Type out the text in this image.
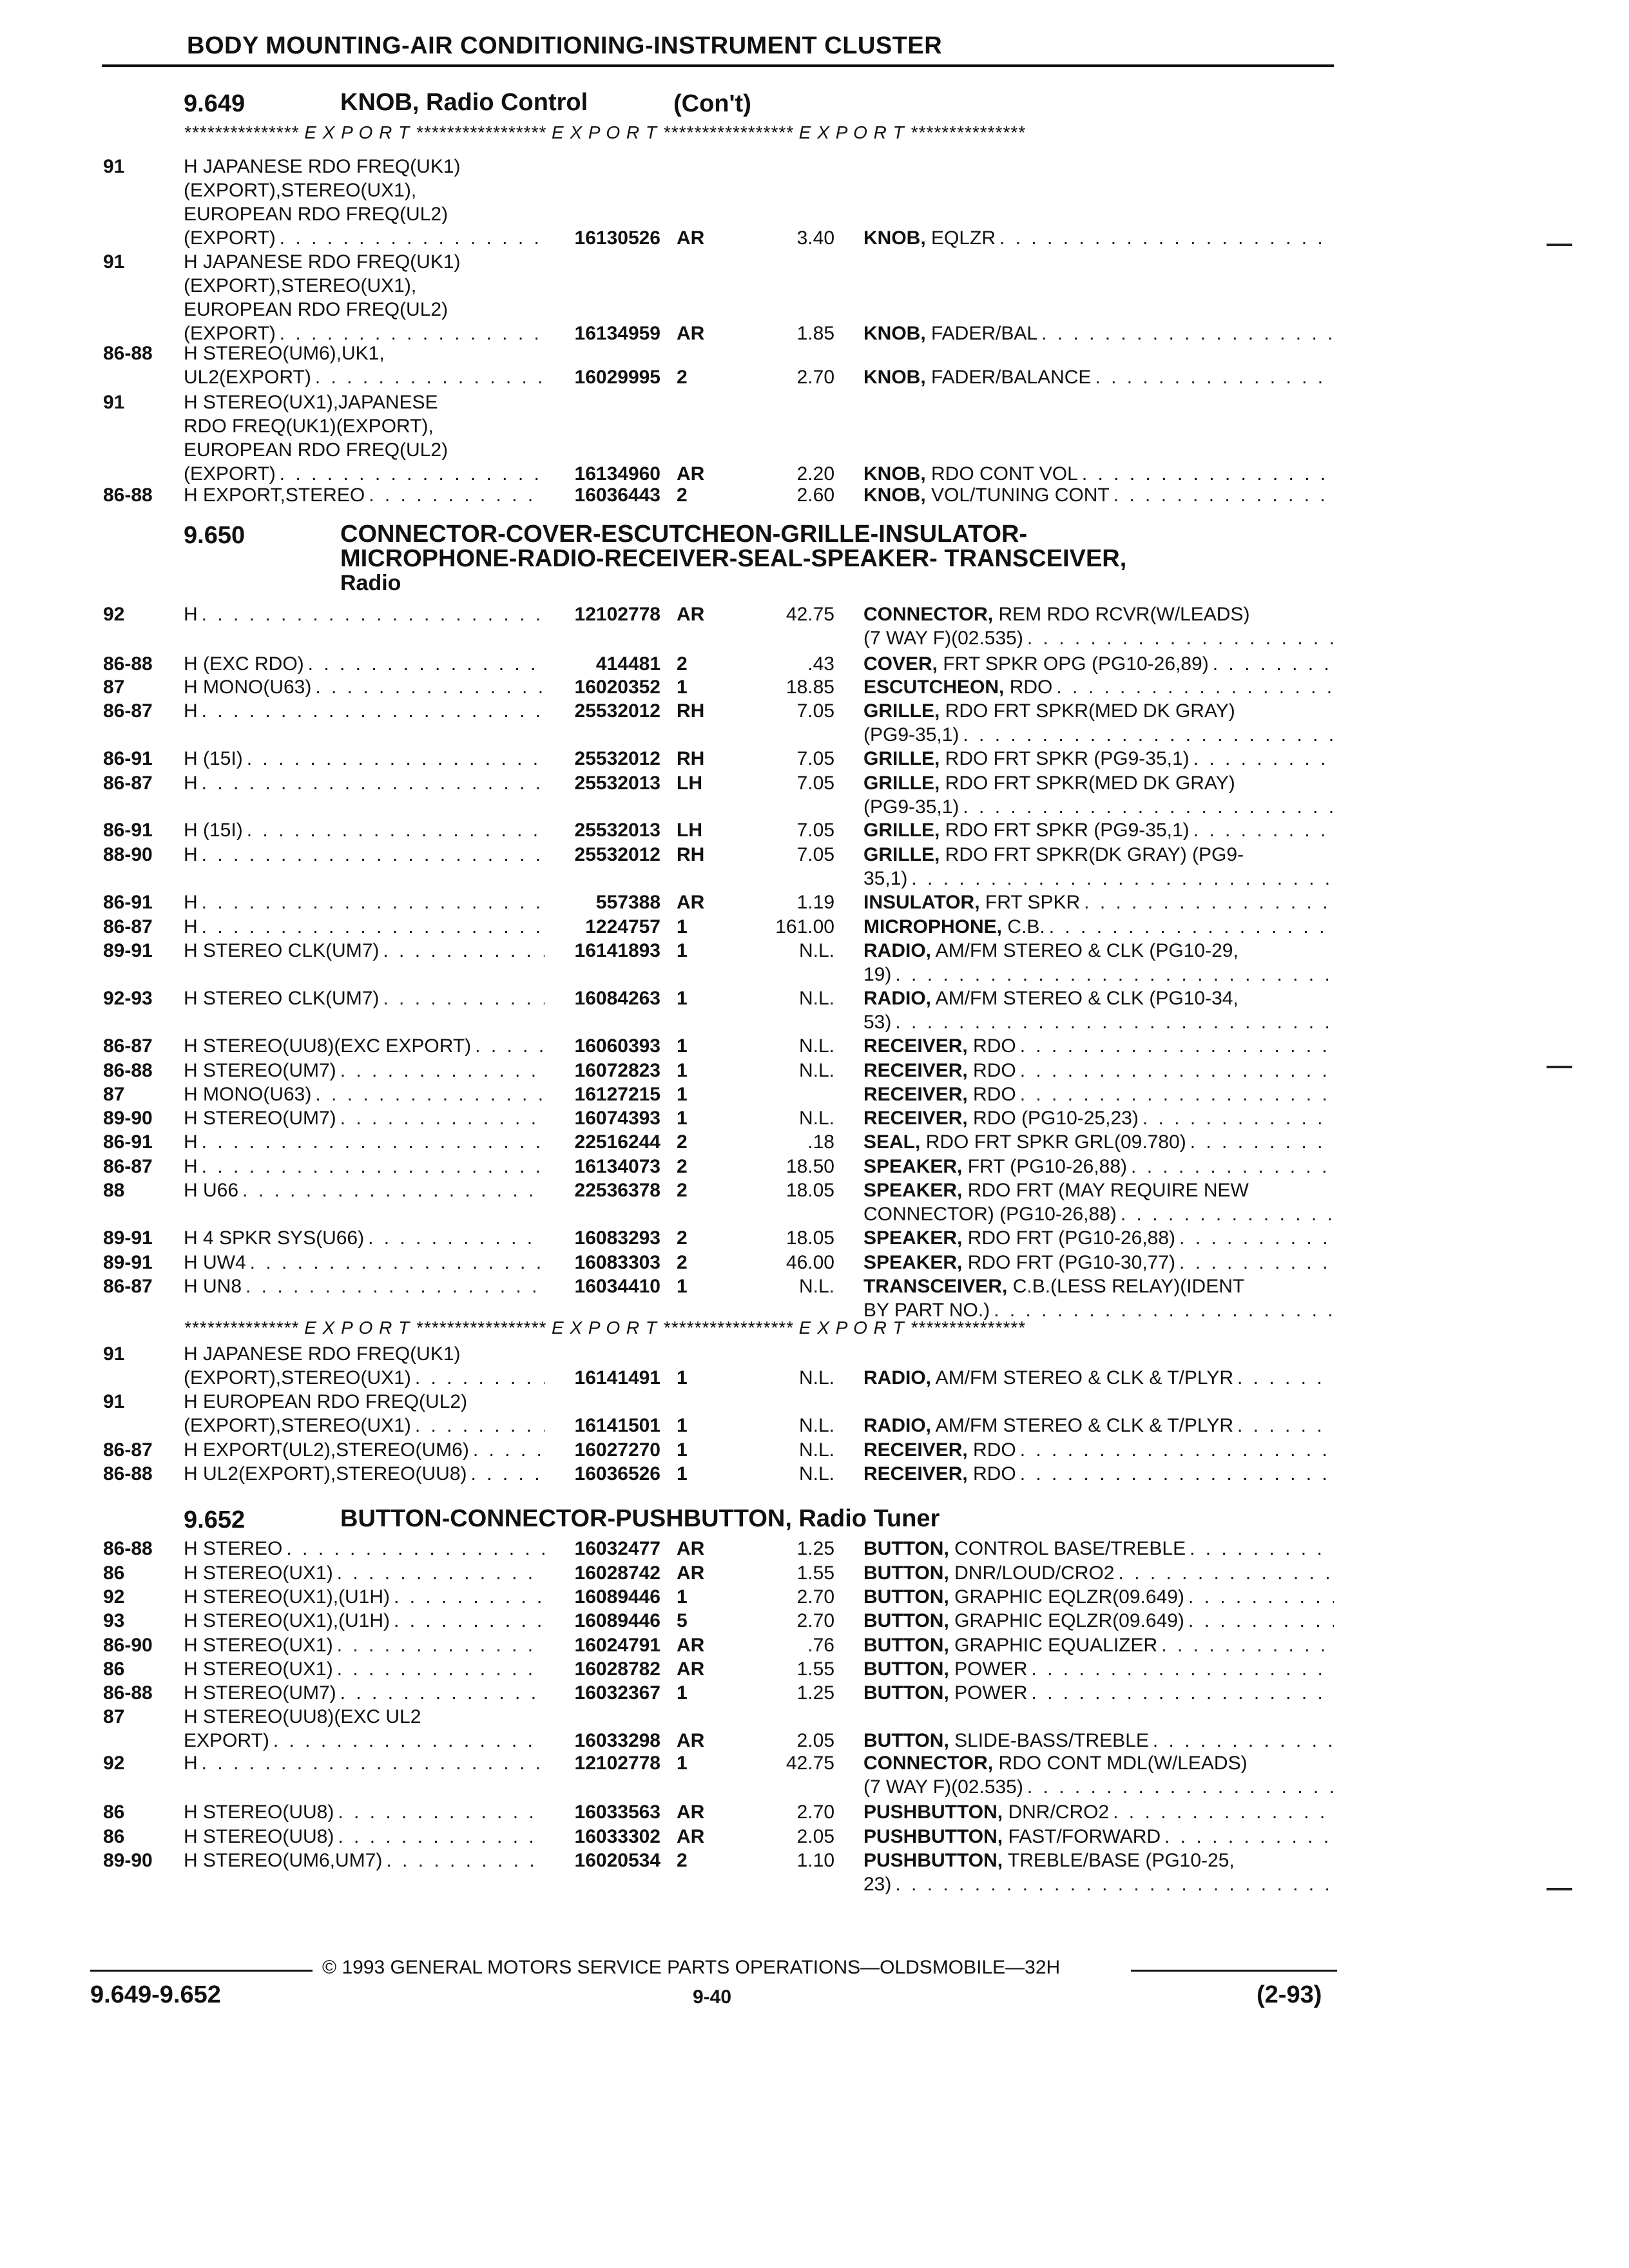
BODY MOUNTING-AIR CONDITIONING-INSTRUMENT CLUSTER
*************** E X P O R T ***************** E X P O R T ***************** E X P O R T ***************
9.649	KNOB, Radio Control	(Con't)
91	H JAPANESE RDO FREQ(UK1)
(EXPORT),STEREO(UX1),
EUROPEAN RDO FREQ(UL2)
(EXPORT) . . .	16130526 AR	3.40 KNOB, EQLZR
. . .
91	H JAPANESE RDO FREQ(UK1)
(EXPORT),STEREO(UX1),
EUROPEAN RDO FREQ(UL2)
(EXPORT) . . .	16134959 AR	1.85 KNOB, FADER/BAL
. . .
86-88 H STEREO(UM6),UK1,
UL2(EXPORT) . . .	16029995 2	2.70 KNOB, FADER/BALANCE
. . .
91	H STEREO(UX1),JAPANESE
RDO FREQ(UK1)(EXPORT),
EUROPEAN RDO FREQ(UL2)
(EXPORT) . . .	16134960 AR	2.20 KNOB, RDO CONT VOL
. . .
86-88 H EXPORT,STEREO . . .	16036443 2	2.60 KNOB, VOL/TUNING CONT
. . .
9.650	CONNECTOR-COVER-ESCUTCHEON-GRILLE-INSULATOR-
MICROPHONE-RADIO-RECEIVER-SEAL-SPEAKER- TRANSCEIVER,
Radio
92	H . . .	12102778 AR	42.75 CONNECTOR, REM RDO RCVR(W/LEADS)
(7 WAY F)(02.535)
. . .
86-88 H (EXC RDO) . . .	414481 2	.43 COVER, FRT SPKR OPG (PG10-26,89)
. . .
87	H MONO(U63) . . .	16020352 1	18.85 ESCUTCHEON, RDO
. . .
86-87 H . . .	25532012 RH	7.05 GRILLE, RDO FRT SPKR(MED DK GRAY)
(PG9-35,1)
. . .
86-91 H (15I) . . .	25532012 RH	7.05 GRILLE, RDO FRT SPKR (PG9-35,1)
. . .
86-87 H . . .	25532013 LH	7.05 GRILLE, RDO FRT SPKR(MED DK GRAY)
(PG9-35,1)
. . .
86-91 H (15I) . . .	25532013 LH	7.05 GRILLE, RDO FRT SPKR (PG9-35,1)
. . .
88-90 H . . .	25532012 RH	7.05 GRILLE, RDO FRT SPKR(DK GRAY) (PG9-
35,1)
. . .
86-91 H . . .	557388 AR	1.19 INSULATOR, FRT SPKR
. . .
86-87 H . . .	1224757 1	161.00 MICROPHONE, C.B.
. . .
89-91 H STEREO CLK(UM7) . . .	16141893 1	N.L. RADIO, AM/FM STEREO & CLK (PG10-29,
19)
. . .
92-93 H STEREO CLK(UM7) . . .	16084263 1	N.L. RADIO, AM/FM STEREO & CLK (PG10-34,
53)
. . .
86-87 H STEREO(UU8)(EXC EXPORT) . . .	16060393 1	N.L. RECEIVER, RDO
. . .
86-88 H STEREO(UM7) . . .	16072823 1	N.L. RECEIVER, RDO
. . .
87	H MONO(U63) . . .	16127215 1	RECEIVER, RDO
. . .
89-90 H STEREO(UM7) . . .	16074393 1	N.L. RECEIVER, RDO (PG10-25,23)
. . .
86-91 H . . .	22516244 2	.18 SEAL, RDO FRT SPKR GRL(09.780)
. . .
86-87 H . . .	16134073 2	18.50 SPEAKER, FRT (PG10-26,88)
. . .
88	H U66 . . .	22536378 2	18.05 SPEAKER, RDO FRT (MAY REQUIRE NEW
CONNECTOR) (PG10-26,88)
. . .
89-91 H 4 SPKR SYS(U66) . . .	16083293 2	18.05 SPEAKER, RDO FRT (PG10-26,88)
. . .
89-91 H UW4 . . .	16083303 2	46.00 SPEAKER, RDO FRT (PG10-30,77)
. . .
86-87 H UN8 . . .	16034410 1	N.L. TRANSCEIVER, C.B.(LESS RELAY)(IDENT
BY PART NO.)
. . .
*************** E X P O R T ***************** E X P O R T ***************** E X P O R T ***************
91	H JAPANESE RDO FREQ(UK1)
(EXPORT),STEREO(UX1) . . .	16141491 1	N.L. RADIO, AM/FM STEREO & CLK & T/PLYR
. . .
91	H EUROPEAN RDO FREQ(UL2)
(EXPORT),STEREO(UX1) . . .	16141501 1	N.L. RADIO, AM/FM STEREO & CLK & T/PLYR
. . .
86-87 H EXPORT(UL2),STEREO(UM6) . . .	16027270 1	N.L. RECEIVER, RDO
. . .
86-88 H UL2(EXPORT),STEREO(UU8) . . .	16036526 1	N.L. RECEIVER, RDO
. . .
9.652	BUTTON-CONNECTOR-PUSHBUTTON, Radio Tuner
86-88 H STEREO . . .	16032477 AR	1.25 BUTTON, CONTROL BASE/TREBLE
. . .
86	H STEREO(UX1) . . .	16028742 AR	1.55 BUTTON, DNR/LOUD/CRO2
. . .
92	H STEREO(UX1),(U1H) . . .	16089446 1	2.70 BUTTON, GRAPHIC EQLZR(09.649)
. . .
93	H STEREO(UX1),(U1H) . . .	16089446 5	2.70 BUTTON, GRAPHIC EQLZR(09.649)
. . .
86-90 H STEREO(UX1) . . .	16024791 AR	.76 BUTTON, GRAPHIC EQUALIZER
. . .
86	H STEREO(UX1) . . .	16028782 AR	1.55 BUTTON, POWER
. . .
86-88 H STEREO(UM7) . . .	16032367 1	1.25 BUTTON, POWER
. . .
87	H STEREO(UU8)(EXC UL2
EXPORT) . . .	16033298 AR	2.05 BUTTON, SLIDE-BASS/TREBLE
. . .
92	H . . .	12102778 1	42.75 CONNECTOR, RDO CONT MDL(W/LEADS)
(7 WAY F)(02.535)
. . .
86	H STEREO(UU8) . . .	16033563 AR	2.70 PUSHBUTTON, DNR/CRO2
. . .
86	H STEREO(UU8) . . .	16033302 AR	2.05 PUSHBUTTON, FAST/FORWARD
. . .
89-90 H STEREO(UM6,UM7) . . .	16020534 2	1.10 PUSHBUTTON, TREBLE/BASE (PG10-25,
23)
. . .
© 1993 GENERAL MOTORS SERVICE PARTS OPERATIONS—OLDSMOBILE—32H
9.649-9.652	9-40	(2-93)
